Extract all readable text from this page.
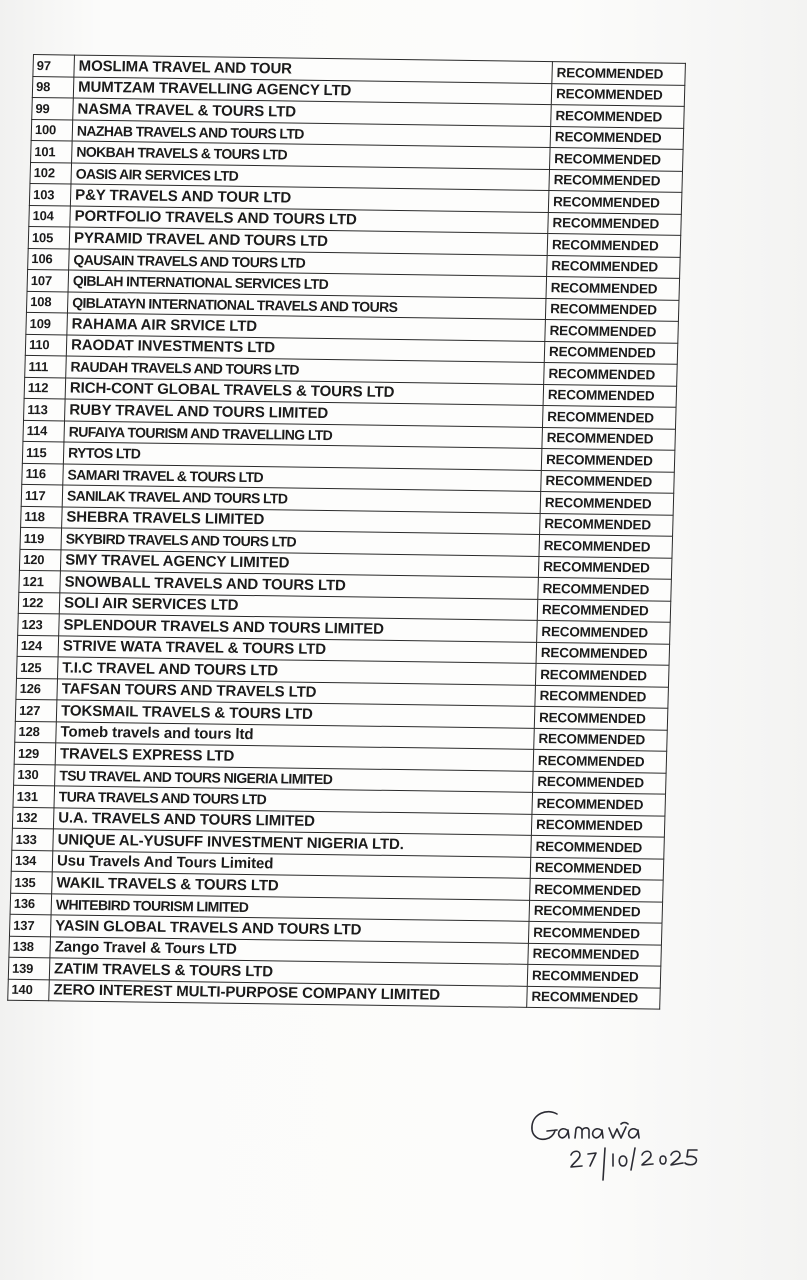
97	MOSLIMA TRAVEL AND TOUR	RECOMMENDED
98	MUMTZAM TRAVELLING AGENCY LTD	RECOMMENDED
99	NASMA TRAVEL & TOURS LTD	RECOMMENDED
100	NAZHAB TRAVELS AND TOURS LTD	RECOMMENDED
101	NOKBAH TRAVELS & TOURS LTD	RECOMMENDED
102	OASIS AIR SERVICES LTD	RECOMMENDED
103	P&Y TRAVELS AND TOUR LTD	RECOMMENDED
104	PORTFOLIO TRAVELS AND TOURS LTD	RECOMMENDED
105	PYRAMID TRAVEL AND TOURS LTD	RECOMMENDED
106	QAUSAIN TRAVELS AND TOURS LTD	RECOMMENDED
107	QIBLAH INTERNATIONAL SERVICES LTD	RECOMMENDED
108	QIBLATAYN INTERNATIONAL TRAVELS AND TOURS	RECOMMENDED
109	RAHAMA AIR SRVICE LTD	RECOMMENDED
110	RAODAT INVESTMENTS LTD	RECOMMENDED
111	RAUDAH TRAVELS AND TOURS LTD	RECOMMENDED
112	RICH-CONT GLOBAL TRAVELS & TOURS LTD	RECOMMENDED
113	RUBY TRAVEL AND TOURS LIMITED	RECOMMENDED
114	RUFAIYA TOURISM AND TRAVELLING LTD	RECOMMENDED
115	RYTOS LTD	RECOMMENDED
116	SAMARI TRAVEL & TOURS LTD	RECOMMENDED
117	SANILAK TRAVEL AND TOURS LTD	RECOMMENDED
118	SHEBRA TRAVELS LIMITED	RECOMMENDED
119	SKYBIRD TRAVELS AND TOURS LTD	RECOMMENDED
120	SMY TRAVEL AGENCY LIMITED	RECOMMENDED
121	SNOWBALL TRAVELS AND TOURS LTD	RECOMMENDED
122	SOLI AIR SERVICES LTD	RECOMMENDED
123	SPLENDOUR TRAVELS AND TOURS LIMITED	RECOMMENDED
124	STRIVE WATA TRAVEL & TOURS LTD	RECOMMENDED
125	T.I.C TRAVEL AND TOURS LTD	RECOMMENDED
126	TAFSAN TOURS AND TRAVELS LTD	RECOMMENDED
127	TOKSMAIL TRAVELS & TOURS LTD	RECOMMENDED
128	Tomeb travels and tours ltd	RECOMMENDED
129	TRAVELS EXPRESS LTD	RECOMMENDED
130	TSU TRAVEL AND TOURS NIGERIA LIMITED	RECOMMENDED
131	TURA TRAVELS AND TOURS LTD	RECOMMENDED
132	U.A. TRAVELS AND TOURS LIMITED	RECOMMENDED
133	UNIQUE AL-YUSUFF INVESTMENT NIGERIA LTD.	RECOMMENDED
134	Usu Travels And Tours Limited	RECOMMENDED
135	WAKIL TRAVELS & TOURS LTD	RECOMMENDED
136	WHITEBIRD TOURISM LIMITED	RECOMMENDED
137	YASIN GLOBAL TRAVELS AND TOURS LTD	RECOMMENDED
138	Zango Travel & Tours LTD	RECOMMENDED
139	ZATIM TRAVELS & TOURS LTD	RECOMMENDED
140	ZERO INTEREST MULTI-PURPOSE COMPANY LIMITED	RECOMMENDED
